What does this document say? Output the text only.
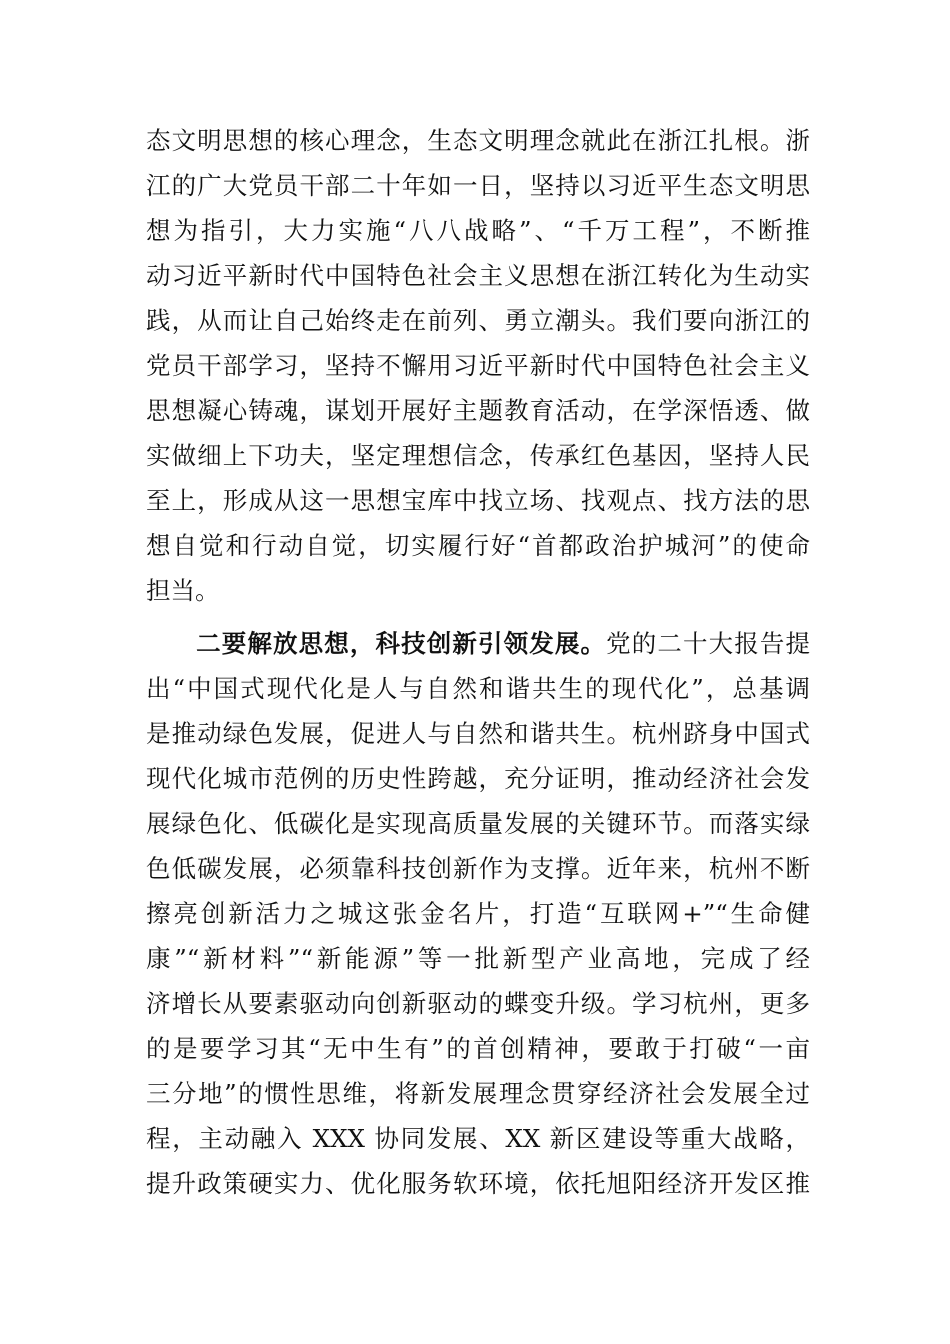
态文明思想的核心理念，生态文明理念就此在浙江扎根。浙
江的广大党员干部二十年如一日，坚持以习近平生态文明思
想为指引，大力实施“八八战略”、“千万工程”，不断推
动习近平新时代中国特色社会主义思想在浙江转化为生动实
践，从而让自己始终走在前列、勇立潮头。我们要向浙江的
党员干部学习，坚持不懈用习近平新时代中国特色社会主义
思想凝心铸魂，谋划开展好主题教育活动，在学深悟透、做
实做细上下功夫，坚定理想信念，传承红色基因，坚持人民
至上，形成从这一思想宝库中找立场、找观点、找方法的思
想自觉和行动自觉，切实履行好“首都政治护城河”的使命
担当。
二要解放思想，科技创新引领发展。党的二十大报告提
出“中国式现代化是人与自然和谐共生的现代化”，总基调
是推动绿色发展，促进人与自然和谐共生。杭州跻身中国式
现代化城市范例的历史性跨越，充分证明，推动经济社会发
展绿色化、低碳化是实现高质量发展的关键环节。而落实绿
色低碳发展，必须靠科技创新作为支撑。近年来，杭州不断
擦亮创新活力之城这张金名片，打造“互联网+”“生命健
康”“新材料”“新能源”等一批新型产业高地，完成了经
济增长从要素驱动向创新驱动的蝶变升级。学习杭州，更多
的是要学习其“无中生有”的首创精神，要敢于打破“一亩
三分地”的惯性思维，将新发展理念贯穿经济社会发展全过
程，主动融入 XXX 协同发展、XX 新区建设等重大战略，
提升政策硬实力、优化服务软环境，依托旭阳经济开发区推
